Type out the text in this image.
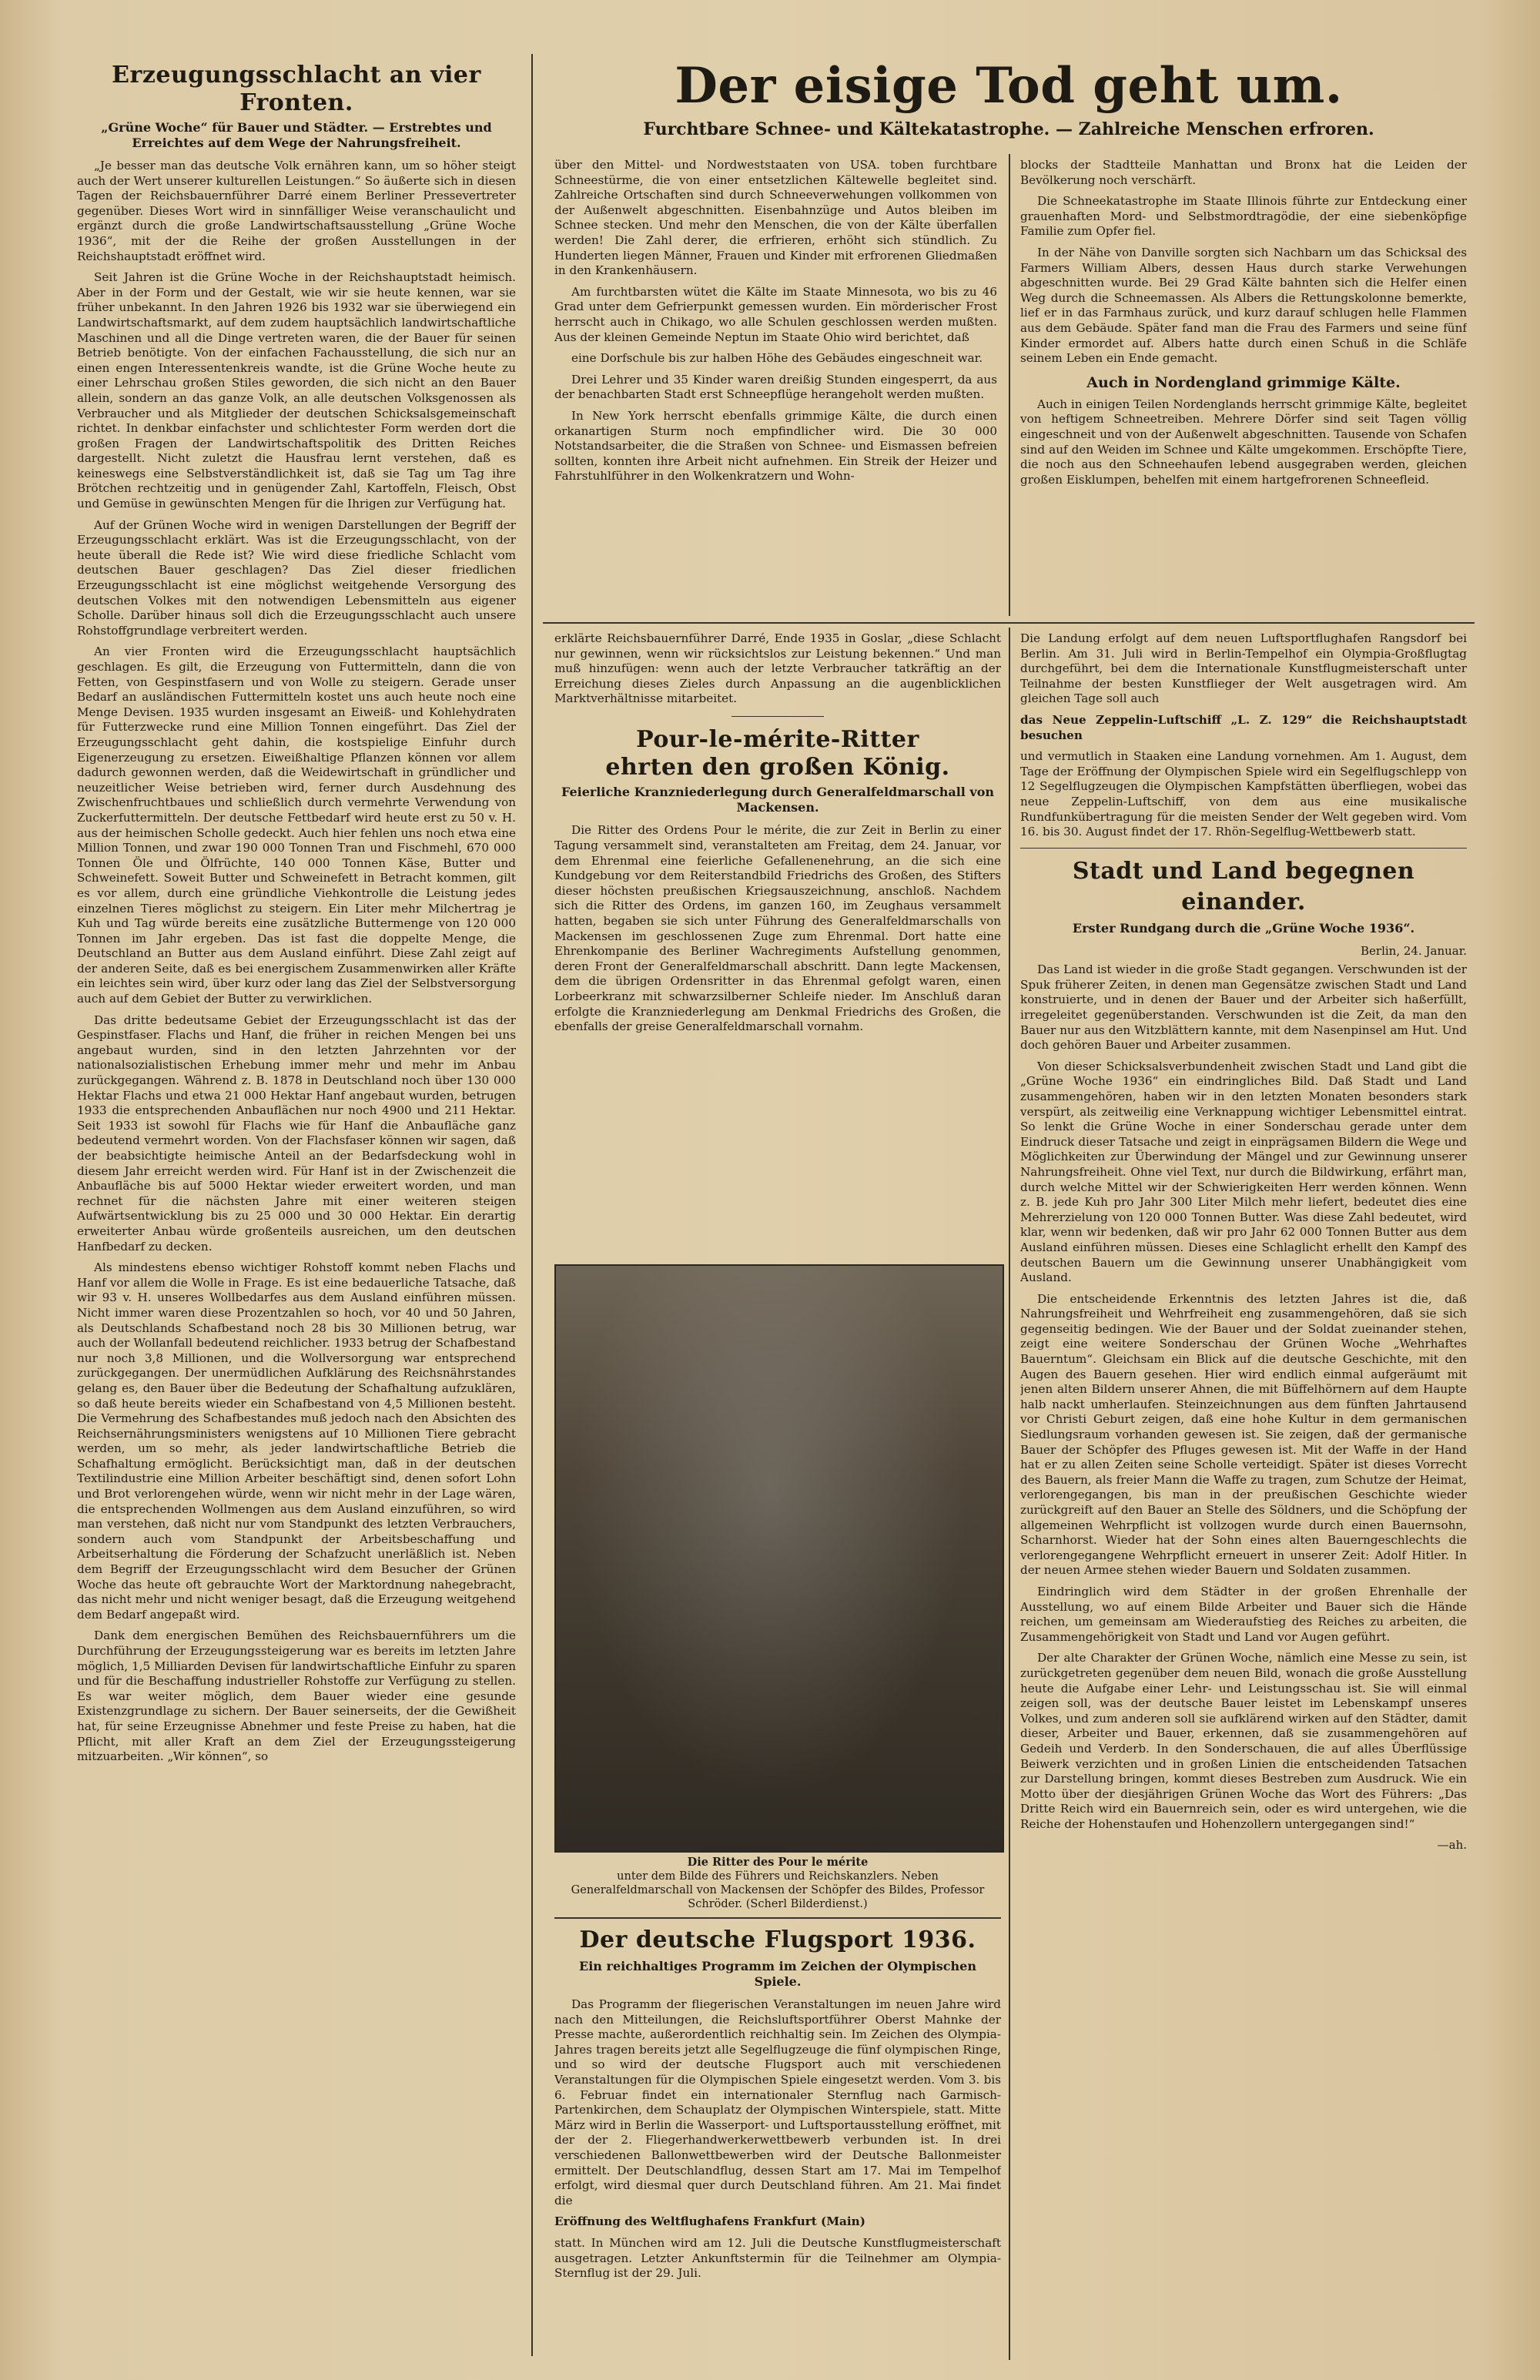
Erzeugungsschlacht an vier Fronten.
„Grüne Woche“ für Bauer und Städter. — Erstrebtes und Erreichtes auf dem Wege der Nahrungsfreiheit.

„Je besser man das deutsche Volk ernähren kann, um so höher steigt auch der Wert unserer kulturellen Leistungen.“ So äußerte sich in diesen Tagen der Reichsbauernführer Darré einem Berliner Pressevertreter gegenüber. Dieses Wort wird in sinnfälliger Weise veranschaulicht und ergänzt durch die große Landwirtschaftsausstellung „Grüne Woche 1936“, mit der die Reihe der großen Ausstellungen in der Reichshauptstadt eröffnet wird.

Seit Jahren ist die Grüne Woche in der Reichshauptstadt heimisch. Aber in der Form und der Gestalt, wie wir sie heute kennen, war sie früher unbekannt. In den Jahren 1926 bis 1932 war sie überwiegend ein Landwirtschaftsmarkt, auf dem zudem hauptsächlich landwirtschaftliche Maschinen und all die Dinge vertreten waren, die der Bauer für seinen Betrieb benötigte. Von der einfachen Fachausstellung, die sich nur an einen engen Interessentenkreis wandte, ist die Grüne Woche heute zu einer Lehrschau großen Stiles geworden, die sich nicht an den Bauer allein, sondern an das ganze Volk, an alle deutschen Volksgenossen als Verbraucher und als Mitglieder der deutschen Schicksalsgemeinschaft richtet. In denkbar einfachster und schlichtester Form werden dort die großen Fragen der Landwirtschaftspolitik des Dritten Reiches dargestellt. Nicht zuletzt die Hausfrau lernt verstehen, daß es keineswegs eine Selbstverständlichkeit ist, daß sie Tag um Tag ihre Brötchen rechtzeitig und in genügender Zahl, Kartoffeln, Fleisch, Obst und Gemüse in gewünschten Mengen für die Ihrigen zur Verfügung hat.

Auf der Grünen Woche wird in wenigen Darstellungen der Begriff der Erzeugungsschlacht erklärt. Was ist die Erzeugungsschlacht, von der heute überall die Rede ist? Wie wird diese friedliche Schlacht vom deutschen Bauer geschlagen? Das Ziel dieser friedlichen Erzeugungsschlacht ist eine möglichst weitgehende Versorgung des deutschen Volkes mit den notwendigen Lebensmitteln aus eigener Scholle. Darüber hinaus soll dich die Erzeugungsschlacht auch unsere Rohstoffgrundlage verbreitert werden.

An vier Fronten wird die Erzeugungsschlacht hauptsächlich geschlagen. Es gilt, die Erzeugung von Futtermitteln, dann die von Fetten, von Gespinstfasern und von Wolle zu steigern. Gerade unser Bedarf an ausländischen Futtermitteln kostet uns auch heute noch eine Menge Devisen. 1935 wurden insgesamt an Eiweiß- und Kohlehydraten für Futterzwecke rund eine Million Tonnen eingeführt. Das Ziel der Erzeugungsschlacht geht dahin, die kostspielige Einfuhr durch Eigenerzeugung zu ersetzen. Eiweißhaltige Pflanzen können vor allem dadurch gewonnen werden, daß die Weidewirtschaft in gründlicher und neuzeitlicher Weise betrieben wird, ferner durch Ausdehnung des Zwischenfruchtbaues und schließlich durch vermehrte Verwendung von Zuckerfuttermitteln. Der deutsche Fettbedarf wird heute erst zu 50 v. H. aus der heimischen Scholle gedeckt. Auch hier fehlen uns noch etwa eine Million Tonnen, und zwar 190 000 Tonnen Tran und Fischmehl, 670 000 Tonnen Öle und Ölfrüchte, 140 000 Tonnen Käse, Butter und Schweinefett. Soweit Butter und Schweinefett in Betracht kommen, gilt es vor allem, durch eine gründliche Viehkontrolle die Leistung jedes einzelnen Tieres möglichst zu steigern. Ein Liter mehr Milchertrag je Kuh und Tag würde bereits eine zusätzliche Buttermenge von 120 000 Tonnen im Jahr ergeben. Das ist fast die doppelte Menge, die Deutschland an Butter aus dem Ausland einführt. Diese Zahl zeigt auf der anderen Seite, daß es bei energischem Zusammenwirken aller Kräfte ein leichtes sein wird, über kurz oder lang das Ziel der Selbstversorgung auch auf dem Gebiet der Butter zu verwirklichen.

Das dritte bedeutsame Gebiet der Erzeugungsschlacht ist das der Gespinstfaser. Flachs und Hanf, die früher in reichen Mengen bei uns angebaut wurden, sind in den letzten Jahrzehnten vor der nationalsozialistischen Erhebung immer mehr und mehr im Anbau zurückgegangen. Während z. B. 1878 in Deutschland noch über 130 000 Hektar Flachs und etwa 21 000 Hektar Hanf angebaut wurden, betrugen 1933 die entsprechenden Anbauflächen nur noch 4900 und 211 Hektar. Seit 1933 ist sowohl für Flachs wie für Hanf die Anbaufläche ganz bedeutend vermehrt worden. Von der Flachsfaser können wir sagen, daß der beabsichtigte heimische Anteil an der Bedarfsdeckung wohl in diesem Jahr erreicht werden wird. Für Hanf ist in der Zwischenzeit die Anbaufläche bis auf 5000 Hektar wieder erweitert worden, und man rechnet für die nächsten Jahre mit einer weiteren steigen Aufwärtsentwicklung bis zu 25 000 und 30 000 Hektar. Ein derartig erweiterter Anbau würde großenteils ausreichen, um den deutschen Hanfbedarf zu decken.

Als mindestens ebenso wichtiger Rohstoff kommt neben Flachs und Hanf vor allem die Wolle in Frage. Es ist eine bedauerliche Tatsache, daß wir 93 v. H. unseres Wollbedarfes aus dem Ausland einführen müssen. Nicht immer waren diese Prozentzahlen so hoch, vor 40 und 50 Jahren, als Deutschlands Schafbestand noch 28 bis 30 Millionen betrug, war auch der Wollanfall bedeutend reichlicher. 1933 betrug der Schafbestand nur noch 3,8 Millionen, und die Wollversorgung war entsprechend zurückgegangen. Der unermüdlichen Aufklärung des Reichsnährstandes gelang es, den Bauer über die Bedeutung der Schafhaltung aufzuklären, so daß heute bereits wieder ein Schafbestand von 4,5 Millionen besteht. Die Vermehrung des Schafbestandes muß jedoch nach den Absichten des Reichsernährungsministers wenigstens auf 10 Millionen Tiere gebracht werden, um so mehr, als jeder landwirtschaftliche Betrieb die Schafhaltung ermöglicht. Berücksichtigt man, daß in der deutschen Textilindustrie eine Million Arbeiter beschäftigt sind, denen sofort Lohn und Brot verlorengehen würde, wenn wir nicht mehr in der Lage wären, die entsprechenden Wollmengen aus dem Ausland einzuführen, so wird man verstehen, daß nicht nur vom Standpunkt des letzten Verbrauchers, sondern auch vom Standpunkt der Arbeitsbeschaffung und Arbeitserhaltung die Förderung der Schafzucht unerläßlich ist. Neben dem Begriff der Erzeugungsschlacht wird dem Besucher der Grünen Woche das heute oft gebrauchte Wort der Marktordnung nahegebracht, das nicht mehr und nicht weniger besagt, daß die Erzeugung weitgehend dem Bedarf angepaßt wird.

Dank dem energischen Bemühen des Reichsbauernführers um die Durchführung der Erzeugungssteigerung war es bereits im letzten Jahre möglich, 1,5 Milliarden Devisen für landwirtschaftliche Einfuhr zu sparen und für die Beschaffung industrieller Rohstoffe zur Verfügung zu stellen. Es war weiter möglich, dem Bauer wieder eine gesunde Existenzgrundlage zu sichern. Der Bauer seinerseits, der die Gewißheit hat, für seine Erzeugnisse Abnehmer und feste Preise zu haben, hat die Pflicht, mit aller Kraft an dem Ziel der Erzeugungssteigerung mitzuarbeiten. „Wir können“, so

Der eisige Tod geht um.
Furchtbare Schnee- und Kältekatastrophe. — Zahlreiche Menschen erfroren.

über den Mittel- und Nordweststaaten von USA. toben furchtbare Schneestürme, die von einer entsetzlichen Kältewelle begleitet sind. Zahlreiche Ortschaften sind durch Schneeverwehungen vollkommen von der Außenwelt abgeschnitten. Eisenbahnzüge und Autos bleiben im Schnee stecken. Und mehr den Menschen, die von der Kälte überfallen werden! Die Zahl derer, die erfrieren, erhöht sich stündlich. Zu Hunderten liegen Männer, Frauen und Kinder mit erfrorenen Gliedmaßen in den Krankenhäusern.

Am furchtbarsten wütet die Kälte im Staate Minnesota, wo bis zu 46 Grad unter dem Gefrierpunkt gemessen wurden. Ein mörderischer Frost herrscht auch in Chikago, wo alle Schulen geschlossen werden mußten. Aus der kleinen Gemeinde Neptun im Staate Ohio wird berichtet, daß

eine Dorfschule bis zur halben Höhe des Gebäudes eingeschneit war.

Drei Lehrer und 35 Kinder waren dreißig Stunden eingesperrt, da aus der benachbarten Stadt erst Schneepflüge herangeholt werden mußten.

In New York herrscht ebenfalls grimmige Kälte, die durch einen orkanartigen Sturm noch empfindlicher wird. Die 30 000 Notstandsarbeiter, die die Straßen von Schnee- und Eismassen befreien sollten, konnten ihre Arbeit nicht aufnehmen. Ein Streik der Heizer und Fahrstuhlführer in den Wolkenkratzern und Wohn-

blocks der Stadtteile Manhattan und Bronx hat die Leiden der Bevölkerung noch verschärft.

Die Schneekatastrophe im Staate Illinois führte zur Entdeckung einer grauenhaften Mord- und Selbstmordtragödie, der eine siebenköpfige Familie zum Opfer fiel.

In der Nähe von Danville sorgten sich Nachbarn um das Schicksal des Farmers William Albers, dessen Haus durch starke Verwehungen abgeschnitten wurde. Bei 29 Grad Kälte bahnten sich die Helfer einen Weg durch die Schneemassen. Als Albers die Rettungskolonne bemerkte, lief er in das Farmhaus zurück, und kurz darauf schlugen helle Flammen aus dem Gebäude. Später fand man die Frau des Farmers und seine fünf Kinder ermordet auf. Albers hatte durch einen Schuß in die Schläfe seinem Leben ein Ende gemacht.

Auch in Nordengland grimmige Kälte.

Auch in einigen Teilen Nordenglands herrscht grimmige Kälte, begleitet von heftigem Schneetreiben. Mehrere Dörfer sind seit Tagen völlig eingeschneit und von der Außenwelt abgeschnitten. Tausende von Schafen sind auf den Weiden im Schnee und Kälte umgekommen. Erschöpfte Tiere, die noch aus den Schneehaufen lebend ausgegraben werden, gleichen großen Eisklumpen, behelfen mit einem hartgefrorenen Schneefleid.

erklärte Reichsbauernführer Darré, Ende 1935 in Goslar, „diese Schlacht nur gewinnen, wenn wir rücksichtslos zur Leistung bekennen.“ Und man muß hinzufügen: wenn auch der letzte Verbraucher tatkräftig an der Erreichung dieses Zieles durch Anpassung an die augenblicklichen Marktverhältnisse mitarbeitet.

Pour-le-mérite-Ritter
ehrten den großen König.
Feierliche Kranzniederlegung durch Generalfeldmarschall von Mackensen.

Die Ritter des Ordens Pour le mérite, die zur Zeit in Berlin zu einer Tagung versammelt sind, veranstalteten am Freitag, dem 24. Januar, vor dem Ehrenmal eine feierliche Gefallenenehrung, an die sich eine Kundgebung vor dem Reiterstandbild Friedrichs des Großen, des Stifters dieser höchsten preußischen Kriegsauszeichnung, anschloß. Nachdem sich die Ritter des Ordens, im ganzen 160, im Zeughaus versammelt hatten, begaben sie sich unter Führung des Generalfeldmarschalls von Mackensen im geschlossenen Zuge zum Ehrenmal. Dort hatte eine Ehrenkompanie des Berliner Wachregiments Aufstellung genommen, deren Front der Generalfeldmarschall abschritt. Dann legte Mackensen, dem die übrigen Ordensritter in das Ehrenmal gefolgt waren, einen Lorbeerkranz mit schwarzsilberner Schleife nieder. Im Anschluß daran erfolgte die Kranzniederlegung am Denkmal Friedrichs des Großen, die ebenfalls der greise Generalfeldmarschall vornahm.

Die Ritter des Pour le mérite
unter dem Bilde des Führers und Reichskanzlers. Neben Generalfeldmarschall von Mackensen der Schöpfer des Bildes, Professor Schröder. (Scherl Bilderdienst.)
Der deutsche Flugsport 1936.
Ein reichhaltiges Programm im Zeichen der Olympischen Spiele.

Das Programm der fliegerischen Veranstaltungen im neuen Jahre wird nach den Mitteilungen, die Reichsluftsportführer Oberst Mahnke der Presse machte, außerordentlich reichhaltig sein. Im Zeichen des Olympia-Jahres tragen bereits jetzt alle Segelflugzeuge die fünf olympischen Ringe, und so wird der deutsche Flugsport auch mit verschiedenen Veranstaltungen für die Olympischen Spiele eingesetzt werden. Vom 3. bis 6. Februar findet ein internationaler Sternflug nach Garmisch-Partenkirchen, dem Schauplatz der Olympischen Winterspiele, statt. Mitte März wird in Berlin die Wasserport- und Luftsportausstellung eröffnet, mit der der 2. Fliegerhandwerkerwettbewerb verbunden ist. In drei verschiedenen Ballonwettbewerben wird der Deutsche Ballonmeister ermittelt. Der Deutschlandflug, dessen Start am 17. Mai im Tempelhof erfolgt, wird diesmal quer durch Deutschland führen. Am 21. Mai findet die

Eröffnung des Weltflughafens Frankfurt (Main)

statt. In München wird am 12. Juli die Deutsche Kunstflugmeisterschaft ausgetragen. Letzter Ankunftstermin für die Teilnehmer am Olympia-Sternflug ist der 29. Juli.

Die Landung erfolgt auf dem neuen Luftsportflughafen Rangsdorf bei Berlin. Am 31. Juli wird in Berlin-Tempelhof ein Olympia-Großflugtag durchgeführt, bei dem die Internationale Kunstflugmeisterschaft unter Teilnahme der besten Kunstflieger der Welt ausgetragen wird. Am gleichen Tage soll auch

das Neue Zeppelin-Luftschiff „L. Z. 129“ die Reichshauptstadt besuchen

und vermutlich in Staaken eine Landung vornehmen. Am 1. August, dem Tage der Eröffnung der Olympischen Spiele wird ein Segelflugschlepp von 12 Segelflugzeugen die Olympischen Kampfstätten überfliegen, wobei das neue Zeppelin-Luftschiff, von dem aus eine musikalische Rundfunkübertragung für die meisten Sender der Welt gegeben wird. Vom 16. bis 30. August findet der 17. Rhön-Segelflug-Wettbewerb statt.

Stadt und Land begegnen einander.
Erster Rundgang durch die „Grüne Woche 1936“.
Berlin, 24. Januar.

Das Land ist wieder in die große Stadt gegangen. Verschwunden ist der Spuk früherer Zeiten, in denen man Gegensätze zwischen Stadt und Land konstruierte, und in denen der Bauer und der Arbeiter sich haßerfüllt, irregeleitet gegenüberstanden. Verschwunden ist die Zeit, da man den Bauer nur aus den Witzblättern kannte, mit dem Nasenpinsel am Hut. Und doch gehören Bauer und Arbeiter zusammen.

Von dieser Schicksalsverbundenheit zwischen Stadt und Land gibt die „Grüne Woche 1936“ ein eindringliches Bild. Daß Stadt und Land zusammengehören, haben wir in den letzten Monaten besonders stark verspürt, als zeitweilig eine Verknappung wichtiger Lebensmittel eintrat. So lenkt die Grüne Woche in einer Sonderschau gerade unter dem Eindruck dieser Tatsache und zeigt in einprägsamen Bildern die Wege und Möglichkeiten zur Überwindung der Mängel und zur Gewinnung unserer Nahrungsfreiheit. Ohne viel Text, nur durch die Bildwirkung, erfährt man, durch welche Mittel wir der Schwierigkeiten Herr werden können. Wenn z. B. jede Kuh pro Jahr 300 Liter Milch mehr liefert, bedeutet dies eine Mehrerzielung von 120 000 Tonnen Butter. Was diese Zahl bedeutet, wird klar, wenn wir bedenken, daß wir pro Jahr 62 000 Tonnen Butter aus dem Ausland einführen müssen. Dieses eine Schlaglicht erhellt den Kampf des deutschen Bauern um die Gewinnung unserer Unabhängigkeit vom Ausland.

Die entscheidende Erkenntnis des letzten Jahres ist die, daß Nahrungsfreiheit und Wehrfreiheit eng zusammengehören, daß sie sich gegenseitig bedingen. Wie der Bauer und der Soldat zueinander stehen, zeigt eine weitere Sonderschau der Grünen Woche „Wehrhaftes Bauerntum“. Gleichsam ein Blick auf die deutsche Geschichte, mit den Augen des Bauern gesehen. Hier wird endlich einmal aufgeräumt mit jenen alten Bildern unserer Ahnen, die mit Büffelhörnern auf dem Haupte halb nackt umherlaufen. Steinzeichnungen aus dem fünften Jahrtausend vor Christi Geburt zeigen, daß eine hohe Kultur in dem germanischen Siedlungsraum vorhanden gewesen ist. Sie zeigen, daß der germanische Bauer der Schöpfer des Pfluges gewesen ist. Mit der Waffe in der Hand hat er zu allen Zeiten seine Scholle verteidigt. Später ist dieses Vorrecht des Bauern, als freier Mann die Waffe zu tragen, zum Schutze der Heimat, verlorengegangen, bis man in der preußischen Geschichte wieder zurückgreift auf den Bauer an Stelle des Söldners, und die Schöpfung der allgemeinen Wehrpflicht ist vollzogen wurde durch einen Bauernsohn, Scharnhorst. Wieder hat der Sohn eines alten Bauerngeschlechts die verlorengegangene Wehrpflicht erneuert in unserer Zeit: Adolf Hitler. In der neuen Armee stehen wieder Bauern und Soldaten zusammen.

Eindringlich wird dem Städter in der großen Ehrenhalle der Ausstellung, wo auf einem Bilde Arbeiter und Bauer sich die Hände reichen, um gemeinsam am Wiederaufstieg des Reiches zu arbeiten, die Zusammengehörigkeit von Stadt und Land vor Augen geführt.

Der alte Charakter der Grünen Woche, nämlich eine Messe zu sein, ist zurückgetreten gegenüber dem neuen Bild, wonach die große Ausstellung heute die Aufgabe einer Lehr- und Leistungsschau ist. Sie will einmal zeigen soll, was der deutsche Bauer leistet im Lebenskampf unseres Volkes, und zum anderen soll sie aufklärend wirken auf den Städter, damit dieser, Arbeiter und Bauer, erkennen, daß sie zusammengehören auf Gedeih und Verderb. In den Sonderschauen, die auf alles Überflüssige Beiwerk verzichten und in großen Linien die entscheidenden Tatsachen zur Darstellung bringen, kommt dieses Bestreben zum Ausdruck. Wie ein Motto über der diesjährigen Grünen Woche das Wort des Führers: „Das Dritte Reich wird ein Bauernreich sein, oder es wird untergehen, wie die Reiche der Hohenstaufen und Hohenzollern untergegangen sind!“

—ah.
